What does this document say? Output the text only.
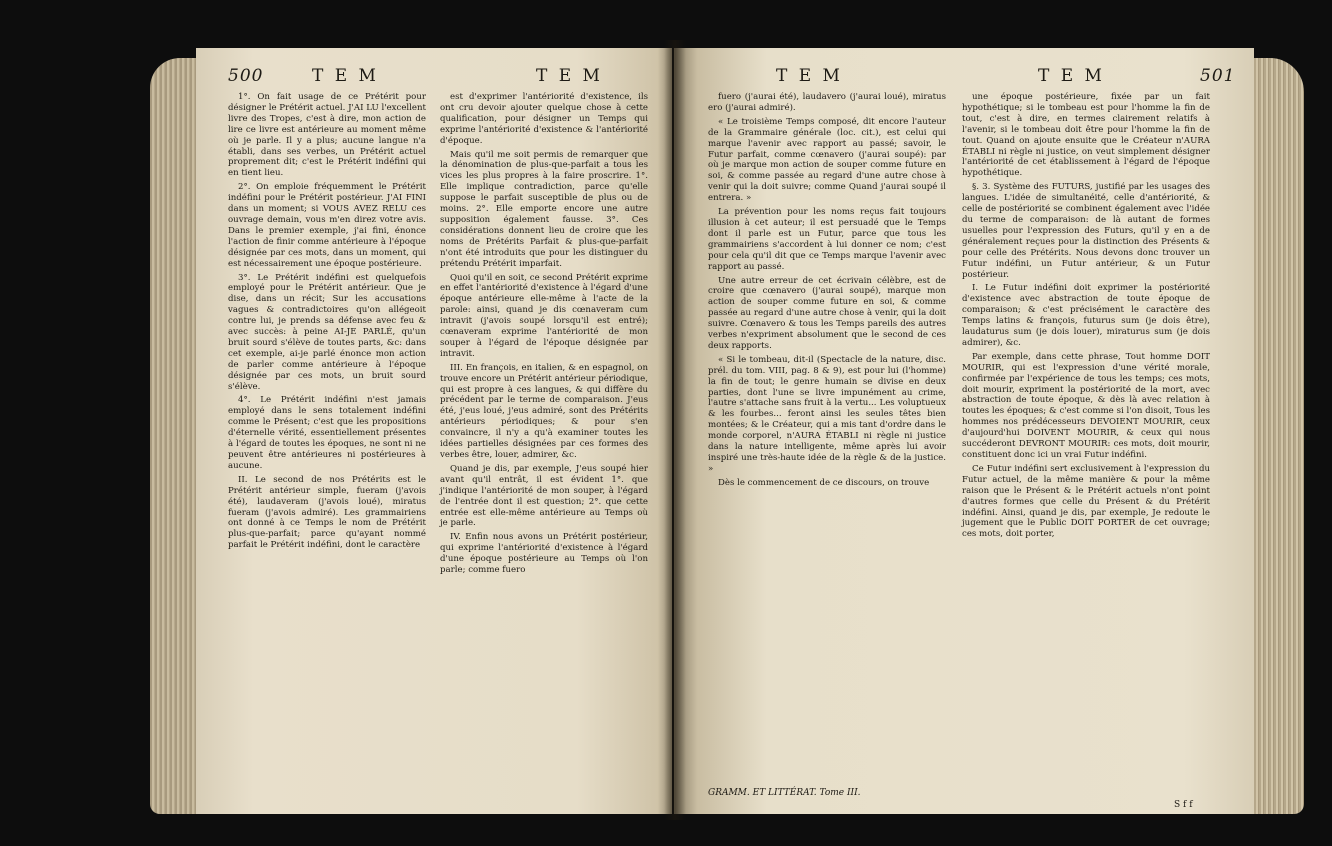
500	T E M	T E M

1°. On fait usage de ce Prétérit pour désigner le Prétérit actuel. J'AI LU l'excellent livre des Tropes, c'est à dire, mon action de lire ce livre est antérieure au moment même où je parle. Il y a plus; aucune langue n'a établi, dans ses verbes, un Prétérit actuel proprement dit; c'est le Prétérit indéfini qui en tient lieu.

2°. On emploie fréquemment le Prétérit indéfini pour le Prétérit postérieur. J'AI FINI dans un moment; si VOUS AVEZ RELU ces ouvrage demain, vous m'en direz votre avis. Dans le premier exemple, j'ai fini, énonce l'action de finir comme antérieure à l'époque désignée par ces mots, dans un moment, qui est nécessairement une époque postérieure.

3°. Le Prétérit indéfini est quelquefois employé pour le Prétérit antérieur. Que je dise, dans un récit; Sur les accusations vagues & contradictoires qu'on allégeoit contre lui, je prends sa défense avec feu & avec succès: à peine AI-JE PARLÉ, qu'un bruit sourd s'élève de toutes parts, &c: dans cet exemple, ai-je parlé énonce mon action de parler comme antérieure à l'époque désignée par ces mots, un bruit sourd s'élève.

4°. Le Prétérit indéfini n'est jamais employé dans le sens totalement indéfini comme le Présent; c'est que les propositions d'éternelle vérité, essentiellement présentes à l'égard de toutes les époques, ne sont ni ne peuvent être antérieures ni postérieures à aucune.

II. Le second de nos Prétérits est le Prétérit antérieur simple, fueram (j'avois été), laudaveram (j'avois loué), miratus fueram (j'avois admiré). Les grammairiens ont donné à ce Temps le nom de Prétérit plus-que-parfait; parce qu'ayant nommé parfait le Prétérit indéfini, dont le caractère

est d'exprimer l'antériorité d'existence, ils ont cru devoir ajouter quelque chose à cette qualification, pour désigner un Temps qui exprime l'antériorité d'existence & l'antériorité d'époque.

Mais qu'il me soit permis de remarquer que la dénomination de plus-que-parfait a tous les vices les plus propres à la faire proscrire. 1°. Elle implique contradiction, parce qu'elle suppose le parfait susceptible de plus ou de moins. 2°. Elle emporte encore une autre supposition également fausse. 3°. Ces considérations donnent lieu de croire que les noms de Prétérits Parfait & plus-que-parfait n'ont été introduits que pour les distinguer du prétendu Prétérit imparfait.

Quoi qu'il en soit, ce second Prétérit exprime en effet l'antériorité d'existence à l'égard d'une époque antérieure elle-même à l'acte de la parole: ainsi, quand je dis cœnaveram cum intravit (j'avois soupé lorsqu'il est entré); cœnaveram exprime l'antériorité de mon souper à l'égard de l'époque désignée par intravit.

III. En françois, en italien, & en espagnol, on trouve encore un Prétérit antérieur périodique, qui est propre à ces langues, & qui diffère du précédent par le terme de comparaison. J'eus été, j'eus loué, j'eus admiré, sont des Prétérits antérieurs périodiques; & pour s'en convaincre, il n'y a qu'à examiner toutes les idées partielles désignées par ces formes des verbes être, louer, admirer, &c.

Quand je dis, par exemple, J'eus soupé hier avant qu'il entrât, il est évident 1°. que j'indique l'antériorité de mon souper, à l'égard de l'entrée dont il est question; 2°. que cette entrée est elle-même antérieure au Temps où je parle.

IV. Enfin nous avons un Prétérit postérieur, qui exprime l'antériorité d'existence à l'égard d'une époque postérieure au Temps où l'on parle; comme fuero

T E M	T E M	501

fuero (j'aurai été), laudavero (j'aurai loué), miratus ero (j'aurai admiré).

« Le troisième Temps composé, dit encore l'auteur de la Grammaire générale (loc. cit.), est celui qui marque l'avenir avec rapport au passé; savoir, le Futur parfait, comme cœnavero (j'aurai soupé): par où je marque mon action de souper comme future en soi, & comme passée au regard d'une autre chose à venir qui la doit suivre; comme Quand j'aurai soupé il entrera. »

La prévention pour les noms reçus fait toujours illusion à cet auteur; il est persuadé que le Temps dont il parle est un Futur, parce que tous les grammairiens s'accordent à lui donner ce nom; c'est pour cela qu'il dit que ce Temps marque l'avenir avec rapport au passé.

Une autre erreur de cet écrivain célèbre, est de croire que cœnavero (j'aurai soupé), marque mon action de souper comme future en soi, & comme passée au regard d'une autre chose à venir, qui la doit suivre. Cœnavero & tous les Temps pareils des autres verbes n'expriment absolument que le second de ces deux rapports.

« Si le tombeau, dit-il (Spectacle de la nature, disc. prél. du tom. VIII, pag. 8 & 9), est pour lui (l'homme) la fin de tout; le genre humain se divise en deux parties, dont l'une se livre impunément au crime, l'autre s'attache sans fruit à la vertu... Les voluptueux & les fourbes... feront ainsi les seules têtes bien montées; & le Créateur, qui a mis tant d'ordre dans le monde corporel, n'AURA ÉTABLI ni règle ni justice dans la nature intelligente, même après lui avoir inspiré une très-haute idée de la règle & de la justice. »

Dès le commencement de ce discours, on trouve

une époque postérieure, fixée par un fait hypothétique; si le tombeau est pour l'homme la fin de tout, c'est à dire, en termes clairement relatifs à l'avenir, si le tombeau doit être pour l'homme la fin de tout. Quand on ajoute ensuite que le Créateur n'AURA ÉTABLI ni règle ni justice, on veut simplement désigner l'antériorité de cet établissement à l'égard de l'époque hypothétique.

§. 3. Système des FUTURS, justifié par les usages des langues. L'idée de simultanéité, celle d'antériorité, & celle de postériorité se combinent également avec l'idée du terme de comparaison: de là autant de formes usuelles pour l'expression des Futurs, qu'il y en a de généralement reçues pour la distinction des Présents & pour celle des Prétérits. Nous devons donc trouver un Futur indéfini, un Futur antérieur, & un Futur postérieur.

I. Le Futur indéfini doit exprimer la postériorité d'existence avec abstraction de toute époque de comparaison; & c'est précisément le caractère des Temps latins & françois, futurus sum (je dois être), laudaturus sum (je dois louer), miraturus sum (je dois admirer), &c.

Par exemple, dans cette phrase, Tout homme DOIT MOURIR, qui est l'expression d'une vérité morale, confirmée par l'expérience de tous les temps; ces mots, doit mourir, expriment la postériorité de la mort, avec abstraction de toute époque, & dès là avec relation à toutes les époques; & c'est comme si l'on disoit, Tous les hommes nos prédécesseurs DEVOIENT MOURIR, ceux d'aujourd'hui DOIVENT MOURIR, & ceux qui nous succéderont DEVRONT MOURIR: ces mots, doit mourir, constituent donc ici un vrai Futur indéfini.

Ce Futur indéfini sert exclusivement à l'expression du Futur actuel, de la même manière & pour la même raison que le Présent & le Prétérit actuels n'ont point d'autres formes que celle du Présent & du Prétérit indéfini. Ainsi, quand je dis, par exemple, Je redoute le jugement que le Public DOIT PORTER de cet ouvrage; ces mots, doit porter,

GRAMM. ET LITTÉRAT. Tome III.
S f f
